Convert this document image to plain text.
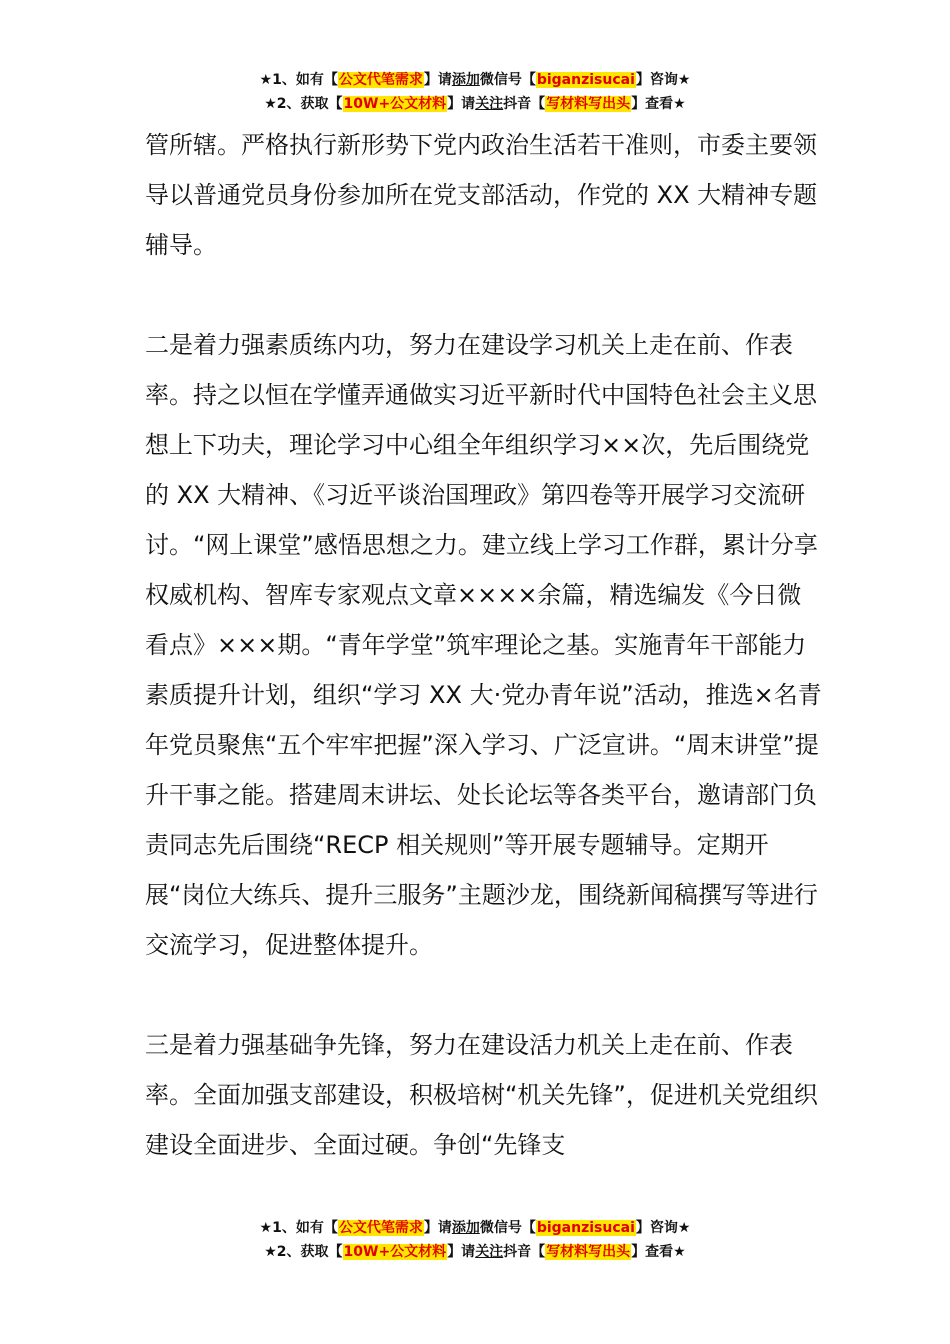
★1、如有【公文代笔需求】请添加微信号【biganzisucai】咨询★
★2、获取【10W+公文材料】请关注抖音【写材料写出头】查看★

管所辖。严格执行新形势下党内政治生活若干准则，市委主要领导以普通党员身份参加所在党支部活动，作党的 XX 大精神专题辅导。

二是着力强素质练内功，努力在建设学习机关上走在前、作表率。持之以恒在学懂弄通做实习近平新时代中国特色社会主义思想上下功夫，理论学习中心组全年组织学习××次，先后围绕党的 XX 大精神、《习近平谈治国理政》第四卷等开展学习交流研讨。“网上课堂”感悟思想之力。建立线上学习工作群，累计分享权威机构、智库专家观点文章××××余篇，精选编发《今日微看点》×××期。“青年学堂”筑牢理论之基。实施青年干部能力素质提升计划，组织“学习 XX 大·党办青年说”活动，推选×名青年党员聚焦“五个牢牢把握”深入学习、广泛宣讲。“周末讲堂”提升干事之能。搭建周末讲坛、处长论坛等各类平台，邀请部门负责同志先后围绕“RECP 相关规则”等开展专题辅导。定期开展“岗位大练兵、提升三服务”主题沙龙，围绕新闻稿撰写等进行交流学习，促进整体提升。

三是着力强基础争先锋，努力在建设活力机关上走在前、作表率。全面加强支部建设，积极培树“机关先锋”，促进机关党组织建设全面进步、全面过硬。争创“先锋支

★1、如有【公文代笔需求】请添加微信号【biganzisucai】咨询★
★2、获取【10W+公文材料】请关注抖音【写材料写出头】查看★
